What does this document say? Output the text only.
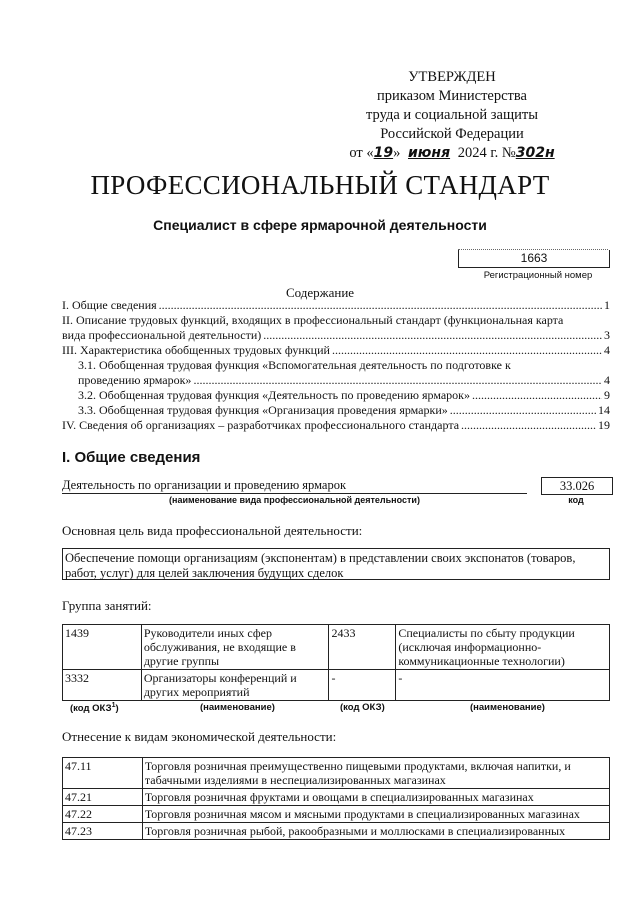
УТВЕРЖДЕН
приказом Министерства
труда и социальной защиты
Российской Федерации
от «19» июня 2024 г. №302н
ПРОФЕССИОНАЛЬНЫЙ СТАНДАРТ
Специалист в сфере ярмарочной деятельности
1663
Регистрационный номер
Содержание
I. Общие сведения .....	1
II. Описание трудовых функций, входящих в профессиональный стандарт (функциональная карта
вида профессиональной деятельности) .....	3
III. Характеристика обобщенных трудовых функций .....	4
3.1. Обобщенная трудовая функция «Вспомогательная деятельность по подготовке к
проведению ярмарок» .....	4
3.2. Обобщенная трудовая функция «Деятельность по проведению ярмарок» .....	9
3.3. Обобщенная трудовая функция «Организация проведения ярмарки» .....	14
IV. Сведения об организациях – разработчиках профессионального стандарта .....	19
I. Общие сведения
Деятельность по организации и проведению ярмарок
(наименование вида профессиональной деятельности)
33.026
код
Основная цель вида профессиональной деятельности:
Обеспечение помощи организациям (экспонентам) в представлении своих экспонатов (товаров,
работ, услуг) для целей заключения будущих сделок
Группа занятий:
1439	Руководители иных сфер обслуживания, не входящие в другие группы	2433	Специалисты по сбыту продукции (исключая информационно-коммуникационные технологии)
3332	Организаторы конференций и других мероприятий	-	-
(код ОКЗ$^1$)	(наименование)	(код ОКЗ)	(наименование)
Отнесение к видам экономической деятельности:
47.11	Торговля розничная преимущественно пищевыми продуктами, включая напитки, и табачными изделиями в неспециализированных магазинах
47.21	Торговля розничная фруктами и овощами в специализированных магазинах
47.22	Торговля розничная мясом и мясными продуктами в специализированных магазинах
47.23	Торговля розничная рыбой, ракообразными и моллюсками в специализированных
